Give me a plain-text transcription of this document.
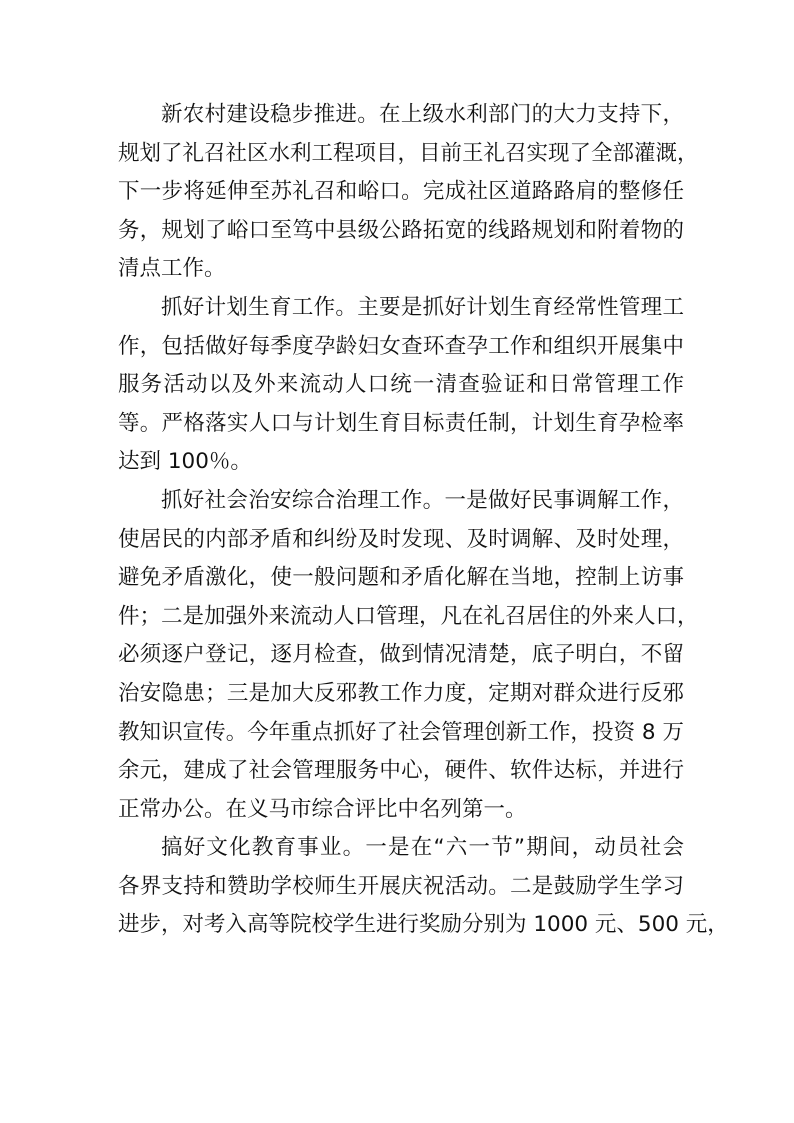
新农村建设稳步推进。在上级水利部门的大力支持下，
规划了礼召社区水利工程项目，目前王礼召实现了全部灌溉，
下一步将延伸至苏礼召和峪口。完成社区道路路肩的整修任
务，规划了峪口至笃中县级公路拓宽的线路规划和附着物的
清点工作。
抓好计划生育工作。主要是抓好计划生育经常性管理工
作，包括做好每季度孕龄妇女查环查孕工作和组织开展集中
服务活动以及外来流动人口统一清查验证和日常管理工作
等。严格落实人口与计划生育目标责任制，计划生育孕检率
达到 100％。
抓好社会治安综合治理工作。一是做好民事调解工作，
使居民的内部矛盾和纠纷及时发现、及时调解、及时处理，
避免矛盾激化，使一般问题和矛盾化解在当地，控制上访事
件；二是加强外来流动人口管理，凡在礼召居住的外来人口，
必须逐户登记，逐月检查，做到情况清楚，底子明白，不留
治安隐患；三是加大反邪教工作力度，定期对群众进行反邪
教知识宣传。今年重点抓好了社会管理创新工作，投资 8 万
余元，建成了社会管理服务中心，硬件、软件达标，并进行
正常办公。在义马市综合评比中名列第一。
搞好文化教育事业。一是在“六一节”期间，动员社会
各界支持和赞助学校师生开展庆祝活动。二是鼓励学生学习
进步，对考入高等院校学生进行奖励分别为 1000 元、500 元，
